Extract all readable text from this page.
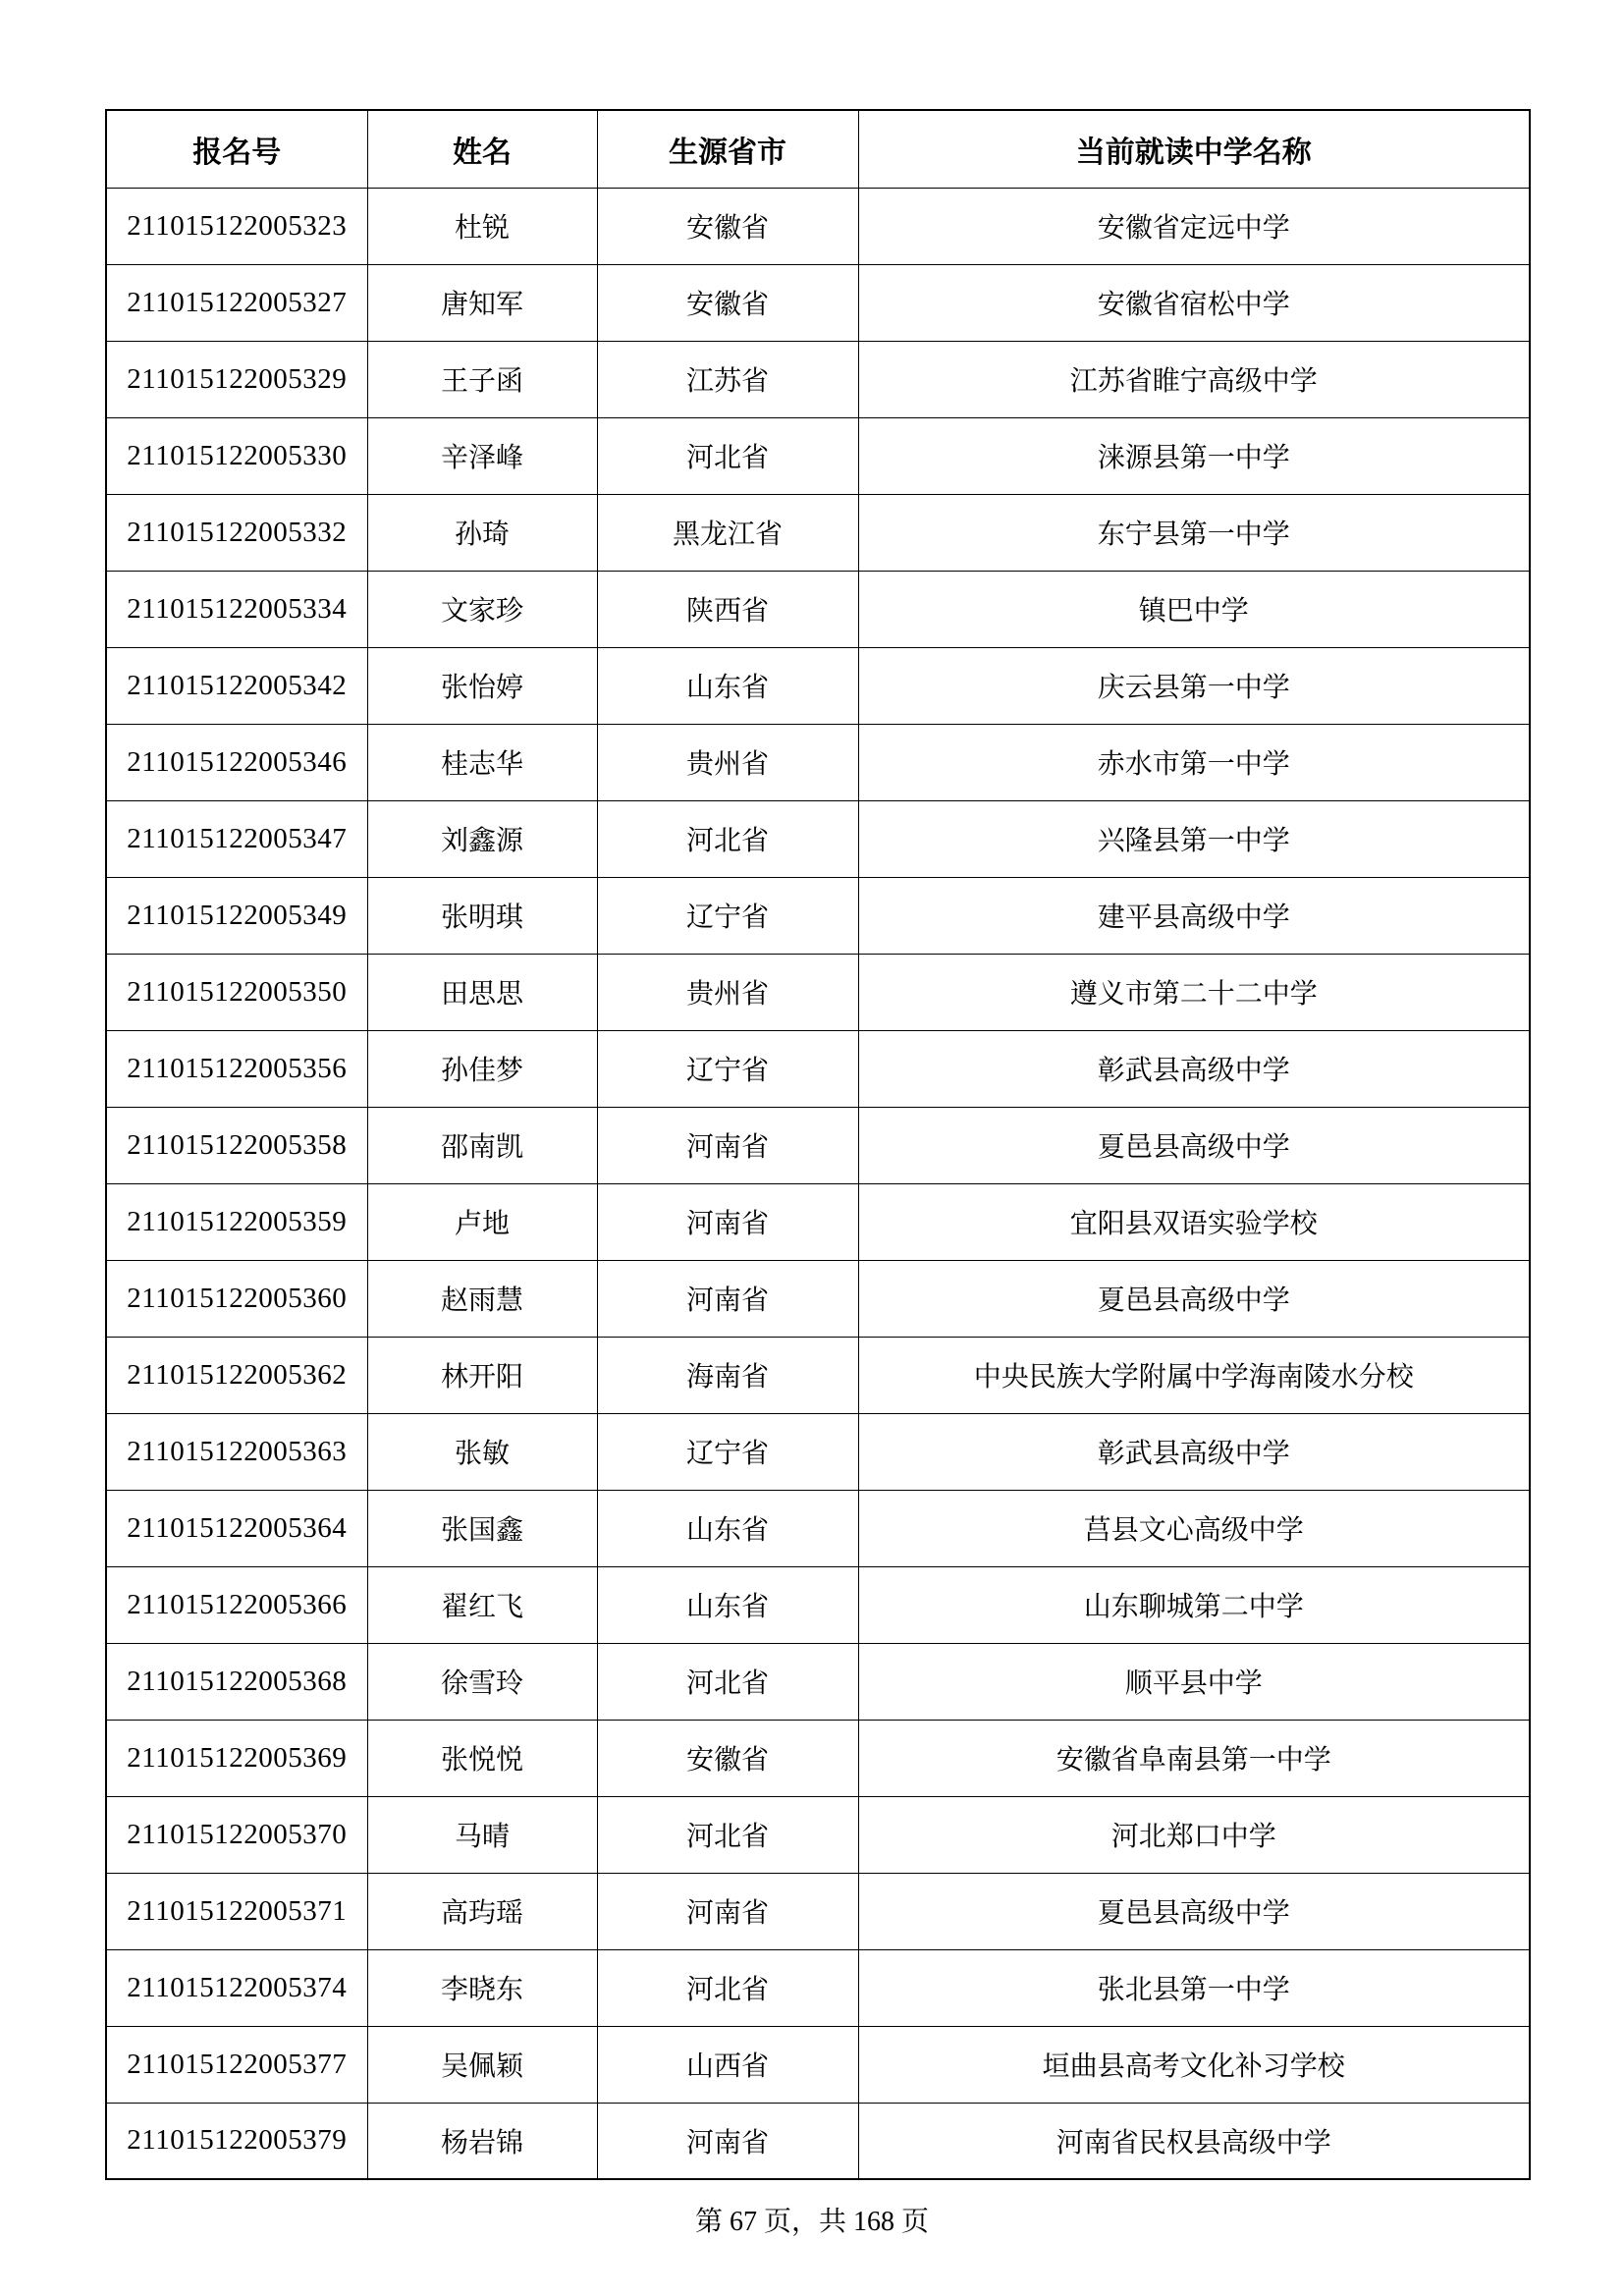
报名号	姓名	生源省市	当前就读中学名称
211015122005323	杜锐	安徽省	安徽省定远中学
211015122005327	唐知军	安徽省	安徽省宿松中学
211015122005329	王子函	江苏省	江苏省睢宁高级中学
211015122005330	辛泽峰	河北省	涞源县第一中学
211015122005332	孙琦	黑龙江省	东宁县第一中学
211015122005334	文家珍	陕西省	镇巴中学
211015122005342	张怡婷	山东省	庆云县第一中学
211015122005346	桂志华	贵州省	赤水市第一中学
211015122005347	刘鑫源	河北省	兴隆县第一中学
211015122005349	张明琪	辽宁省	建平县高级中学
211015122005350	田思思	贵州省	遵义市第二十二中学
211015122005356	孙佳梦	辽宁省	彰武县高级中学
211015122005358	邵南凯	河南省	夏邑县高级中学
211015122005359	卢地	河南省	宜阳县双语实验学校
211015122005360	赵雨慧	河南省	夏邑县高级中学
211015122005362	林开阳	海南省	中央民族大学附属中学海南陵水分校
211015122005363	张敏	辽宁省	彰武县高级中学
211015122005364	张国鑫	山东省	莒县文心高级中学
211015122005366	翟红飞	山东省	山东聊城第二中学
211015122005368	徐雪玲	河北省	顺平县中学
211015122005369	张悦悦	安徽省	安徽省阜南县第一中学
211015122005370	马晴	河北省	河北郑口中学
211015122005371	高玙瑶	河南省	夏邑县高级中学
211015122005374	李晓东	河北省	张北县第一中学
211015122005377	吴佩颖	山西省	垣曲县高考文化补习学校
211015122005379	杨岩锦	河南省	河南省民权县高级中学
第 67 页，共 168 页
